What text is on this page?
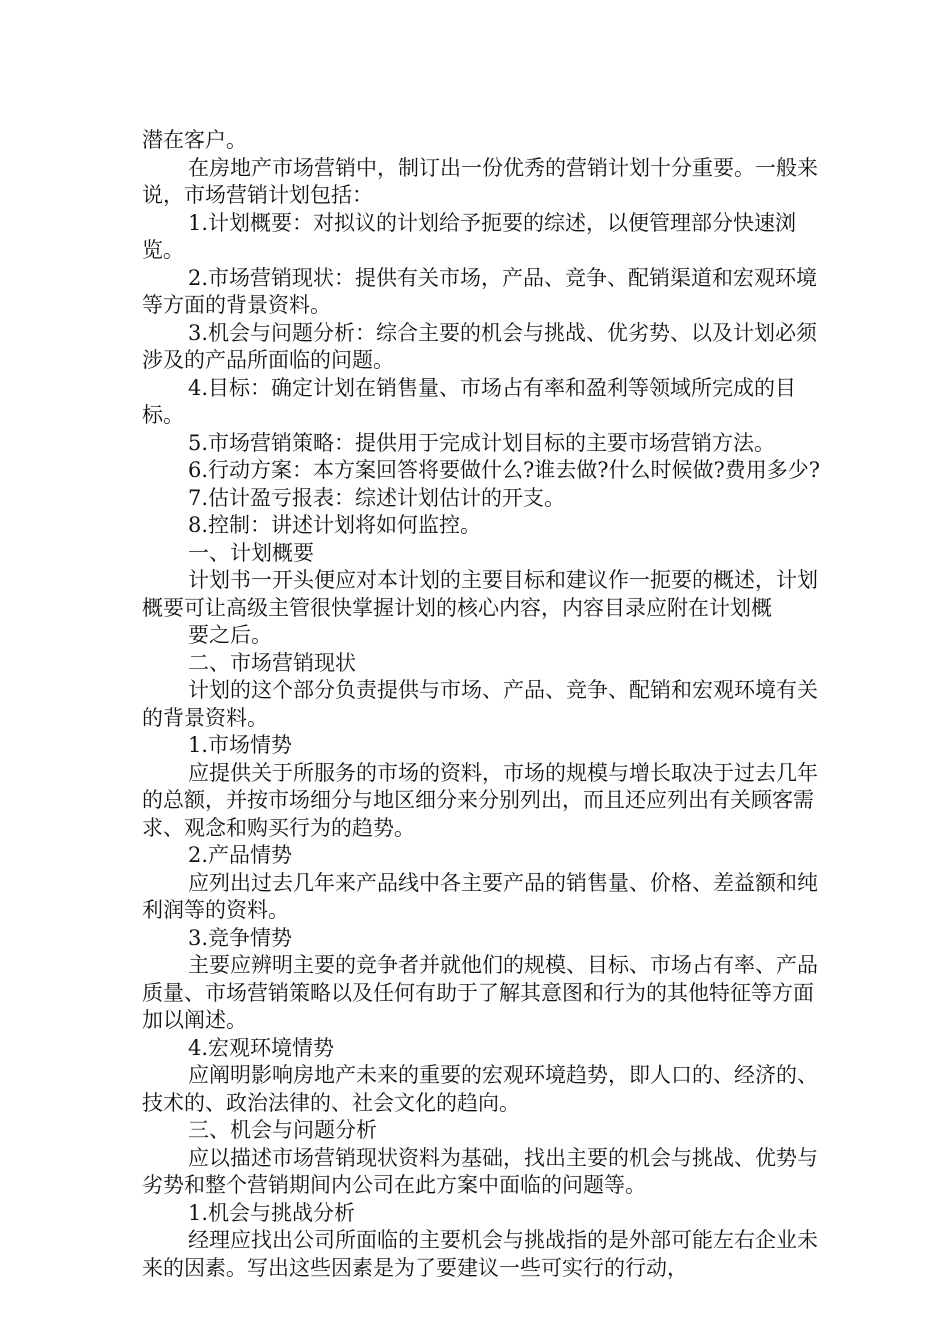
潜在客户。

在房地产市场营销中，制订出一份优秀的营销计划十分重要。一般来说，市场营销计划包括：

1.计划概要：对拟议的计划给予扼要的综述，以便管理部分快速浏览。

2.市场营销现状：提供有关市场，产品、竞争、配销渠道和宏观环境等方面的背景资料。

3.机会与问题分析：综合主要的机会与挑战、优劣势、以及计划必须涉及的产品所面临的问题。

4.目标：确定计划在销售量、市场占有率和盈利等领域所完成的目标。

5.市场营销策略：提供用于完成计划目标的主要市场营销方法。

6.行动方案：本方案回答将要做什么?谁去做?什么时候做?费用多少?

7.估计盈亏报表：综述计划估计的开支。

8.控制：讲述计划将如何监控。

一、计划概要

计划书一开头便应对本计划的主要目标和建议作一扼要的概述，计划概要可让高级主管很快掌握计划的核心内容，内容目录应附在计划概

要之后。

二、市场营销现状

计划的这个部分负责提供与市场、产品、竞争、配销和宏观环境有关的背景资料。

1.市场情势

应提供关于所服务的市场的资料，市场的规模与增长取决于过去几年的总额，并按市场细分与地区细分来分别列出，而且还应列出有关顾客需求、观念和购买行为的趋势。

2.产品情势

应列出过去几年来产品线中各主要产品的销售量、价格、差益额和纯利润等的资料。

3.竞争情势

主要应辨明主要的竞争者并就他们的规模、目标、市场占有率、产品质量、市场营销策略以及任何有助于了解其意图和行为的其他特征等方面加以阐述。

4.宏观环境情势

应阐明影响房地产未来的重要的宏观环境趋势，即人口的、经济的、技术的、政治法律的、社会文化的趋向。

三、机会与问题分析

应以描述市场营销现状资料为基础，找出主要的机会与挑战、优势与劣势和整个营销期间内公司在此方案中面临的问题等。

1.机会与挑战分析

经理应找出公司所面临的主要机会与挑战指的是外部可能左右企业未来的因素。写出这些因素是为了要建议一些可实行的行动，
